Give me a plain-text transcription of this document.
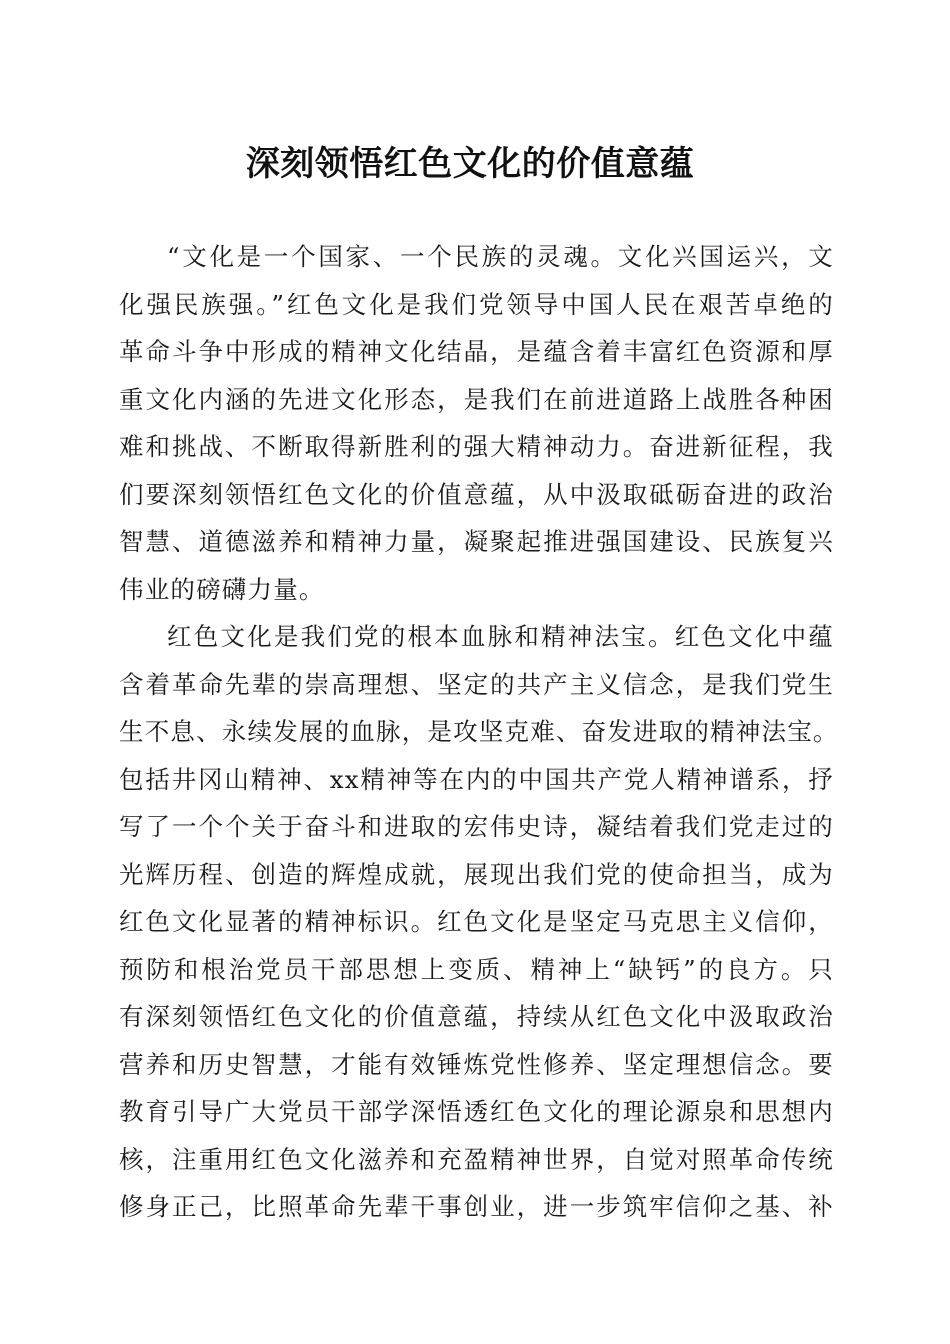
深刻领悟红色文化的价值意蕴
“文化是一个国家、一个民族的灵魂。文化兴国运兴，文
化强民族强。”红色文化是我们党领导中国人民在艰苦卓绝的
革命斗争中形成的精神文化结晶，是蕴含着丰富红色资源和厚
重文化内涵的先进文化形态，是我们在前进道路上战胜各种困
难和挑战、不断取得新胜利的强大精神动力。奋进新征程，我
们要深刻领悟红色文化的价值意蕴，从中汲取砥砺奋进的政治
智慧、道德滋养和精神力量，凝聚起推进强国建设、民族复兴
伟业的磅礴力量。
红色文化是我们党的根本血脉和精神法宝。红色文化中蕴
含着革命先辈的崇高理想、坚定的共产主义信念，是我们党生
生不息、永续发展的血脉，是攻坚克难、奋发进取的精神法宝。
包括井冈山精神、xx精神等在内的中国共产党人精神谱系，抒
写了一个个关于奋斗和进取的宏伟史诗，凝结着我们党走过的
光辉历程、创造的辉煌成就，展现出我们党的使命担当，成为
红色文化显著的精神标识。红色文化是坚定马克思主义信仰，
预防和根治党员干部思想上变质、精神上“缺钙”的良方。只
有深刻领悟红色文化的价值意蕴，持续从红色文化中汲取政治
营养和历史智慧，才能有效锤炼党性修养、坚定理想信念。要
教育引导广大党员干部学深悟透红色文化的理论源泉和思想内
核，注重用红色文化滋养和充盈精神世界，自觉对照革命传统
修身正己，比照革命先辈干事创业，进一步筑牢信仰之基、补
